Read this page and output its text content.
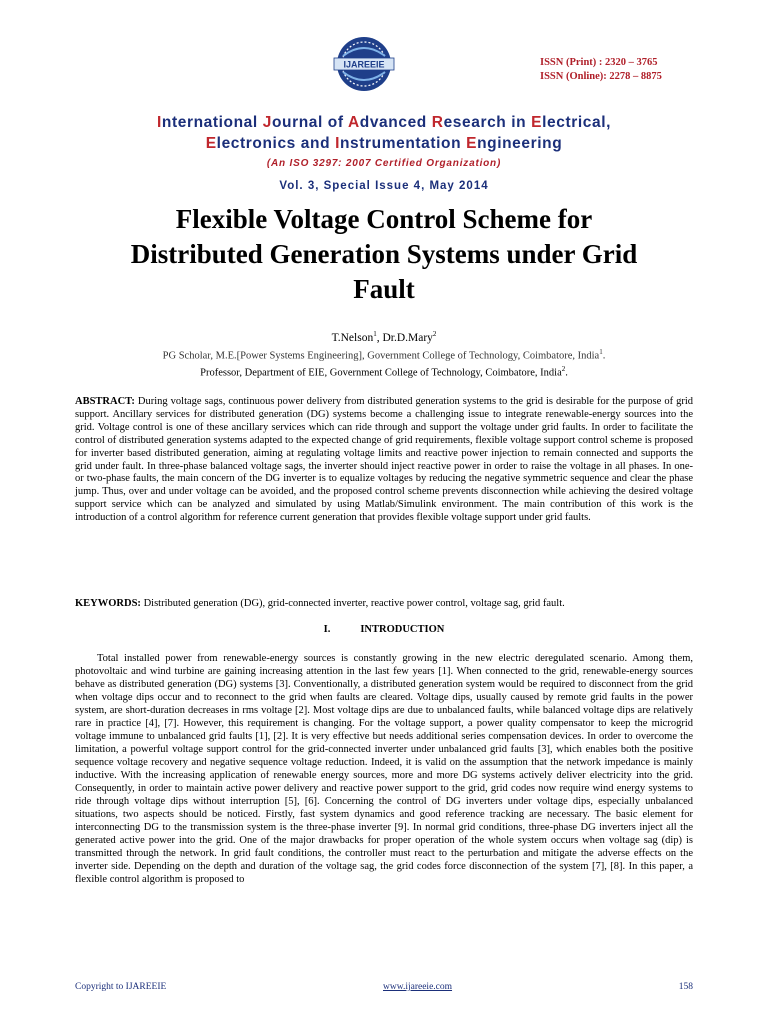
IJAREEIE	ISSN (Print) : 2320 – 3765
ISSN (Online): 2278 – 8875
International Journal of Advanced Research in Electrical,
Electronics and Instrumentation Engineering
(An ISO 3297: 2007 Certified Organization)
Vol. 3, Special Issue 4, May 2014
Flexible Voltage Control Scheme for
Distributed Generation Systems under Grid
Fault
T.Nelson$^1$, Dr.D.Mary$^2$
PG Scholar, M.E.[Power Systems Engineering], Government College of Technology, Coimbatore, India$^1$.
Professor, Department of EIE, Government College of Technology, Coimbatore, India$^2$.
ABSTRACT: During voltage sags, continuous power delivery from distributed generation systems to the grid is desirable for the purpose of grid support. Ancillary services for distributed generation (DG) systems become a challenging issue to integrate renewable-energy sources into the grid. Voltage control is one of these ancillary services which can ride through and support the voltage under grid faults. In order to facilitate the control of distributed generation systems adapted to the expected change of grid requirements, flexible voltage support control scheme is proposed for inverter based distributed generation, aiming at regulating voltage limits and reactive power injection to remain connected and supports the grid under fault. In three-phase balanced voltage sags, the inverter should inject reactive power in order to raise the voltage in all phases. In one- or two-phase faults, the main concern of the DG inverter is to equalize voltages by reducing the negative symmetric sequence and clear the phase jump. Thus, over and under voltage can be avoided, and the proposed control scheme prevents disconnection while achieving the desired voltage support service which can be analyzed and simulated by using Matlab/Simulink environment. The main contribution of this work is the introduction of a control algorithm for reference current generation that provides flexible voltage support under grid faults.
KEYWORDS: Distributed generation (DG), grid-connected inverter, reactive power control, voltage sag, grid fault.
I.	INTRODUCTION
Total installed power from renewable-energy sources is constantly growing in the new electric deregulated scenario. Among them, photovoltaic and wind turbine are gaining increasing attention in the last few years [1]. When connected to the grid, renewable-energy sources behave as distributed generation (DG) systems [3]. Conventionally, a distributed generation system would be required to disconnect from the grid when voltage dips occur and to reconnect to the grid when faults are cleared. Voltage dips, usually caused by remote grid faults in the power system, are short-duration decreases in rms voltage [2]. Most voltage dips are due to unbalanced faults, while balanced voltage dips are relatively rare in practice [4], [7]. However, this requirement is changing. For the voltage support, a power quality compensator to keep the microgrid voltage immune to unbalanced grid faults [1], [2]. It is very effective but needs additional series compensation devices. In order to overcome the limitation, a powerful voltage support control for the grid-connected inverter under unbalanced grid faults [3], which enables both the positive sequence voltage recovery and negative sequence voltage reduction. Indeed, it is valid on the assumption that the network impedance is mainly inductive. With the increasing application of renewable energy sources, more and more DG systems actively deliver electricity into the grid. Consequently, in order to maintain active power delivery and reactive power support to the grid, grid codes now require wind energy systems to ride through voltage dips without interruption [5], [6]. Concerning the control of DG inverters under voltage dips, especially unbalanced situations, two aspects should be noticed. Firstly, fast system dynamics and good reference tracking are necessary. The basic element for interconnecting DG to the transmission system is the three-phase inverter [9]. In normal grid conditions, three-phase DG inverters inject all the generated active power into the grid. One of the major drawbacks for proper operation of the whole system occurs when voltage sag (dip) is transmitted through the network. In grid fault conditions, the controller must react to the perturbation and mitigate the adverse effects on the inverter side. Depending on the depth and duration of the voltage sag, the grid codes force disconnection of the system [7], [8]. In this paper, a flexible control algorithm is proposed to
Copyright to IJAREEIE	www.ijareeie.com	158
